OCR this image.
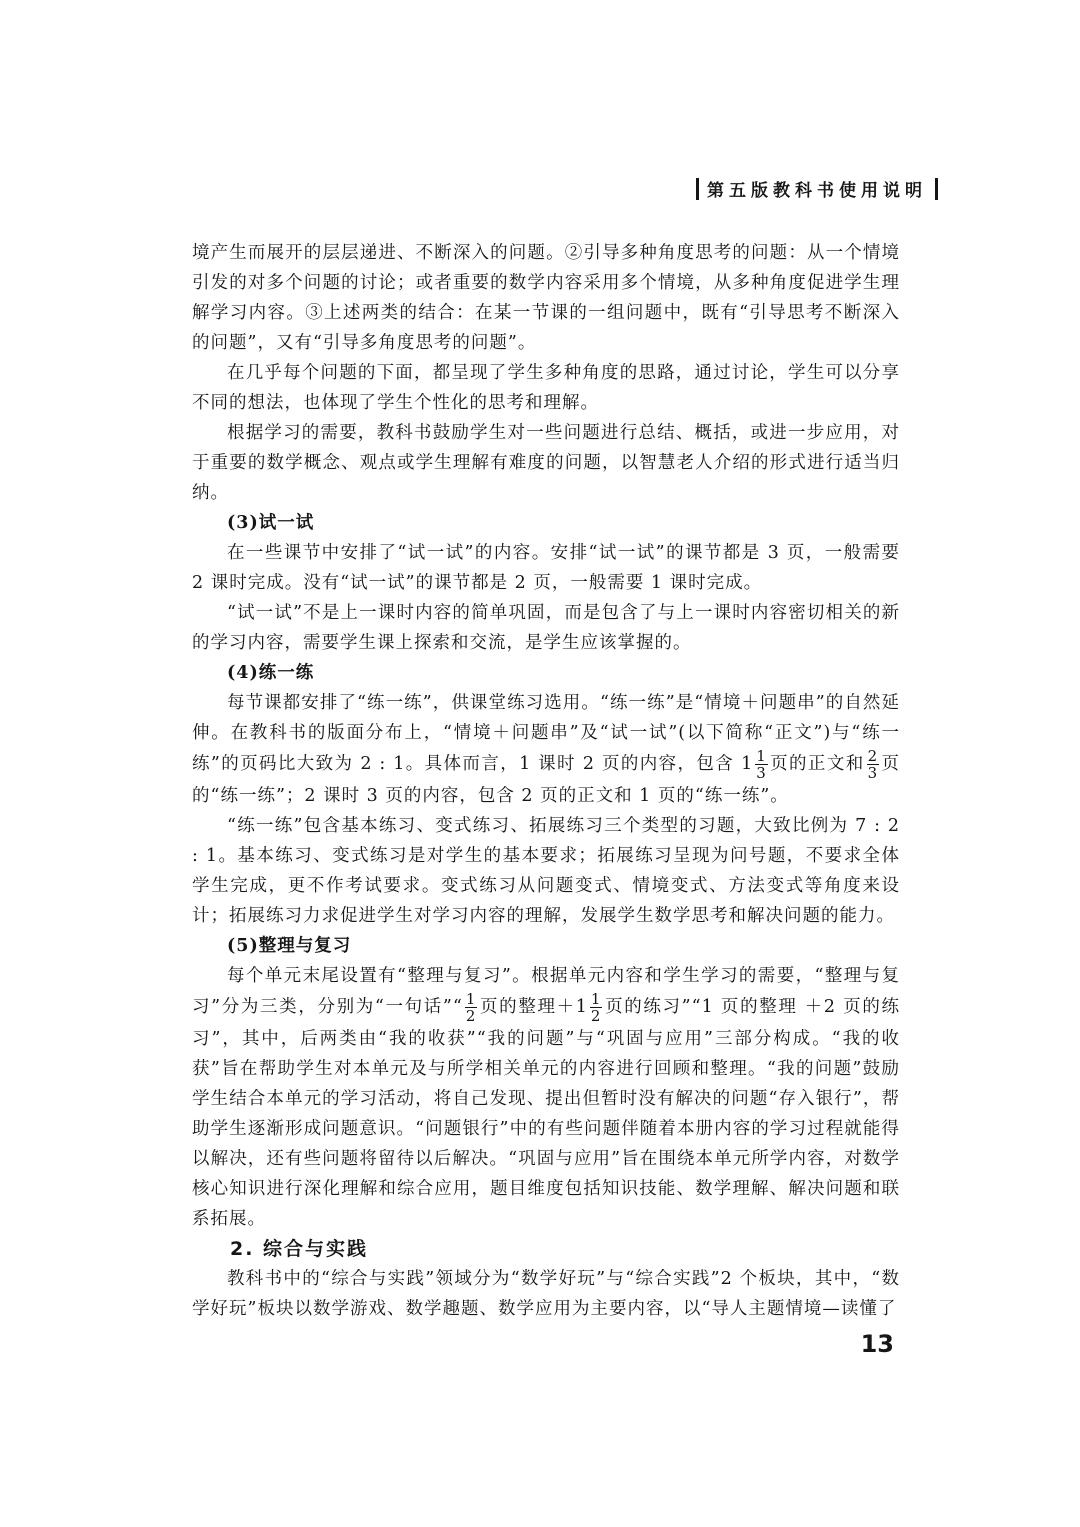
第五版教科书使用说明

境产生而展开的层层递进、不断深入的问题。②引导多种角度思考的问题：从一个情境引发的对多个问题的讨论；或者重要的数学内容采用多个情境，从多种角度促进学生理解学习内容。③上述两类的结合：在某一节课的一组问题中，既有“引导思考不断深入的问题”，又有“引导多角度思考的问题”。

在几乎每个问题的下面，都呈现了学生多种角度的思路，通过讨论，学生可以分享不同的想法，也体现了学生个性化的思考和理解。

根据学习的需要，教科书鼓励学生对一些问题进行总结、概括，或进一步应用，对于重要的数学概念、观点或学生理解有难度的问题，以智慧老人介绍的形式进行适当归纳。

(3)试一试

在一些课节中安排了“试一试”的内容。安排“试一试”的课节都是 3 页，一般需要 2 课时完成。没有“试一试”的课节都是 2 页，一般需要 1 课时完成。

“试一试”不是上一课时内容的简单巩固，而是包含了与上一课时内容密切相关的新的学习内容，需要学生课上探索和交流，是学生应该掌握的。

(4)练一练

每节课都安排了“练一练”，供课堂练习选用。“练一练”是“情境＋问题串”的自然延伸。在教科书的版面分布上，“情境＋问题串”及“试一试”(以下简称“正文”)与“练一练”的页码比大致为 2 : 1。具体而言，1 课时 2 页的内容，包含 $1 \frac{1}{3}$ 页的正文和 $\frac{2}{3}$ 页的“练一练”；2 课时 3 页的内容，包含 2 页的正文和 1 页的“练一练”。

“练一练”包含基本练习、变式练习、拓展练习三个类型的习题，大致比例为 7 : 2 : 1。基本练习、变式练习是对学生的基本要求；拓展练习呈现为问号题，不要求全体学生完成，更不作考试要求。变式练习从问题变式、情境变式、方法变式等角度来设计；拓展练习力求促进学生对学习内容的理解，发展学生数学思考和解决问题的能力。

(5)整理与复习

每个单元末尾设置有“整理与复习”。根据单元内容和学生学习的需要，“整理与复习”分为三类，分别为“一句话”“ $\frac{1}{2}$ 页的整理$+1 \frac{1}{2}$ 页的练习”“1 页的整理 ＋2 页的练习”，其中，后两类由“我的收获”“我的问题”与“巩固与应用”三部分构成。“我的收获”旨在帮助学生对本单元及与所学相关单元的内容进行回顾和整理。“我的问题”鼓励学生结合本单元的学习活动，将自己发现、提出但暂时没有解决的问题“存入银行”，帮助学生逐渐形成问题意识。“问题银行”中的有些问题伴随着本册内容的学习过程就能得以解决，还有些问题将留待以后解决。“巩固与应用”旨在围绕本单元所学内容，对数学核心知识进行深化理解和综合应用，题目维度包括知识技能、数学理解、解决问题和联系拓展。

2. 综合与实践

教科书中的“综合与实践”领域分为“数学好玩”与“综合实践”2 个板块，其中，“数学好玩”板块以数学游戏、数学趣题、数学应用为主要内容，以“导人主题情境—读懂了

13
